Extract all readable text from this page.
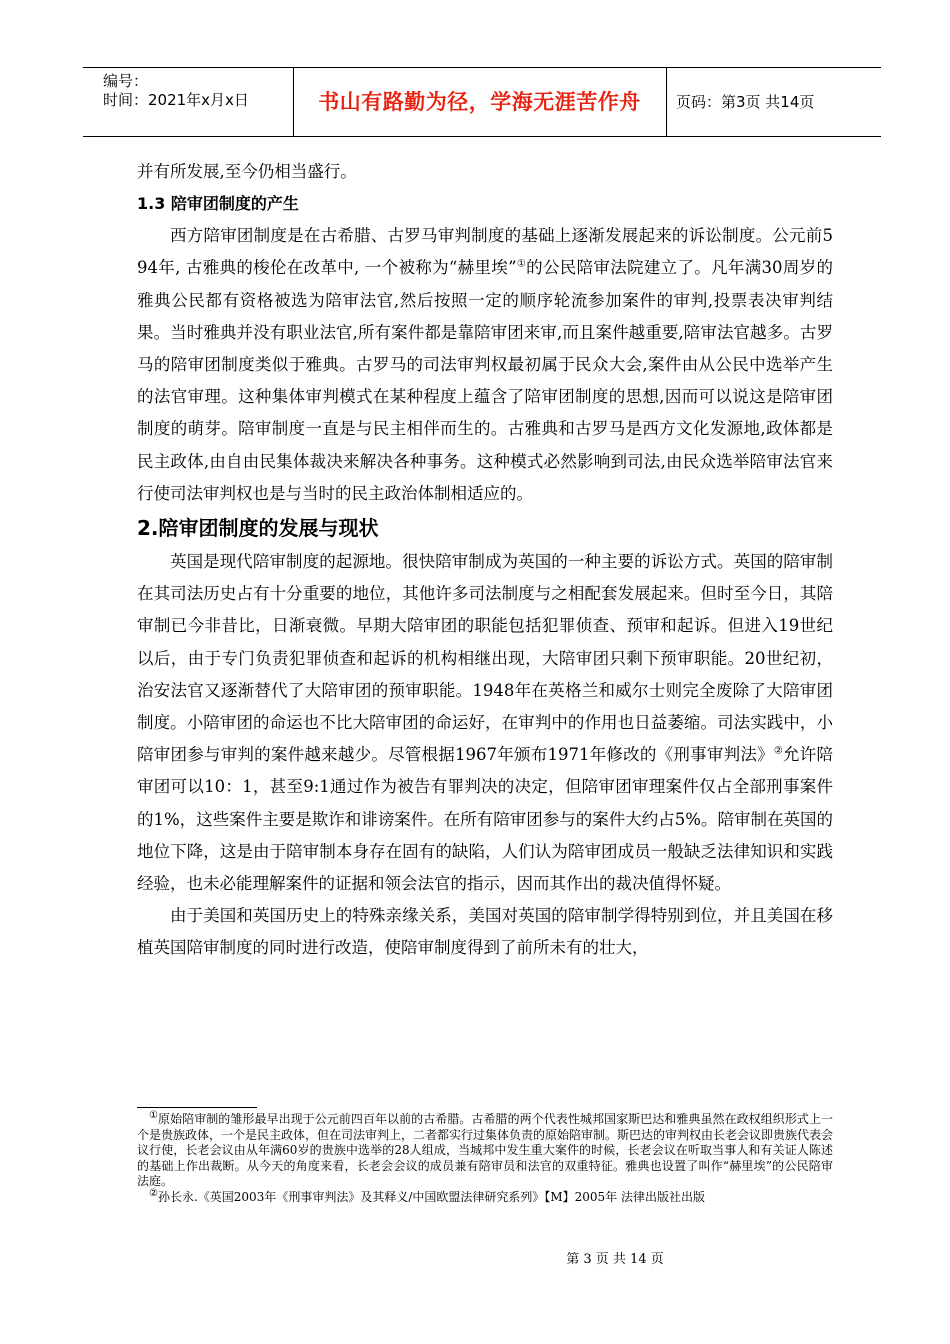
编号：
时间：2021年x月x日	书山有路勤为径，学海无涯苦作舟	页码：第3页 共14页

并有所发展,至今仍相当盛行。

1.3 陪审团制度的产生

西方陪审团制度是在古希腊、古罗马审判制度的基础上逐渐发展起来的诉讼制度。公元前594年, 古雅典的梭伦在改革中, 一个被称为“赫里埃”①的公民陪审法院建立了。凡年满30周岁的雅典公民都有资格被选为陪审法官,然后按照一定的顺序轮流参加案件的审判,投票表决审判结果。当时雅典并没有职业法官,所有案件都是靠陪审团来审,而且案件越重要,陪审法官越多。古罗马的陪审团制度类似于雅典。古罗马的司法审判权最初属于民众大会,案件由从公民中选举产生的法官审理。这种集体审判模式在某种程度上蕴含了陪审团制度的思想,因而可以说这是陪审团制度的萌芽。陪审制度一直是与民主相伴而生的。古雅典和古罗马是西方文化发源地,政体都是民主政体,由自由民集体裁决来解决各种事务。这种模式必然影响到司法,由民众选举陪审法官来行使司法审判权也是与当时的民主政治体制相适应的。

2.陪审团制度的发展与现状

英国是现代陪审制度的起源地。很快陪审制成为英国的一种主要的诉讼方式。英国的陪审制在其司法历史占有十分重要的地位，其他许多司法制度与之相配套发展起来。但时至今日，其陪审制已今非昔比，日渐衰微。早期大陪审团的职能包括犯罪侦查、预审和起诉。但进入19世纪以后，由于专门负责犯罪侦查和起诉的机构相继出现，大陪审团只剩下预审职能。20世纪初，治安法官又逐渐替代了大陪审团的预审职能。1948年在英格兰和威尔士则完全废除了大陪审团制度。小陪审团的命运也不比大陪审团的命运好，在审判中的作用也日益萎缩。司法实践中，小陪审团参与审判的案件越来越少。尽管根据1967年颁布1971年修改的《刑事审判法》②允许陪审团可以10：1，甚至9:1通过作为被告有罪判决的决定，但陪审团审理案件仅占全部刑事案件的1%，这些案件主要是欺诈和诽谤案件。在所有陪审团参与的案件大约占5%。陪审制在英国的地位下降，这是由于陪审制本身存在固有的缺陷，人们认为陪审团成员一般缺乏法律知识和实践经验，也未必能理解案件的证据和领会法官的指示，因而其作出的裁决值得怀疑。

由于美国和英国历史上的特殊亲缘关系，美国对英国的陪审制学得特别到位，并且美国在移植英国陪审制度的同时进行改造，使陪审制度得到了前所未有的壮大，

①原始陪审制的雏形最早出现于公元前四百年以前的古希腊。古希腊的两个代表性城邦国家斯巴达和雅典虽然在政权组织形式上一个是贵族政体，一个是民主政体，但在司法审判上，二者都实行过集体负责的原始陪审制。斯巴达的审判权由长老会议即贵族代表会议行使，长老会议由从年满60岁的贵族中选举的28人组成，当城邦中发生重大案件的时候，长老会议在听取当事人和有关证人陈述的基础上作出裁断。从今天的角度来看，长老会会议的成员兼有陪审员和法官的双重特征。雅典也设置了叫作“赫里埃”的公民陪审法庭。

②孙长永.《英国2003年《刑事审判法》及其释义/中国欧盟法律研究系列》【M】2005年 法律出版社出版

第 3 页 共 14 页
